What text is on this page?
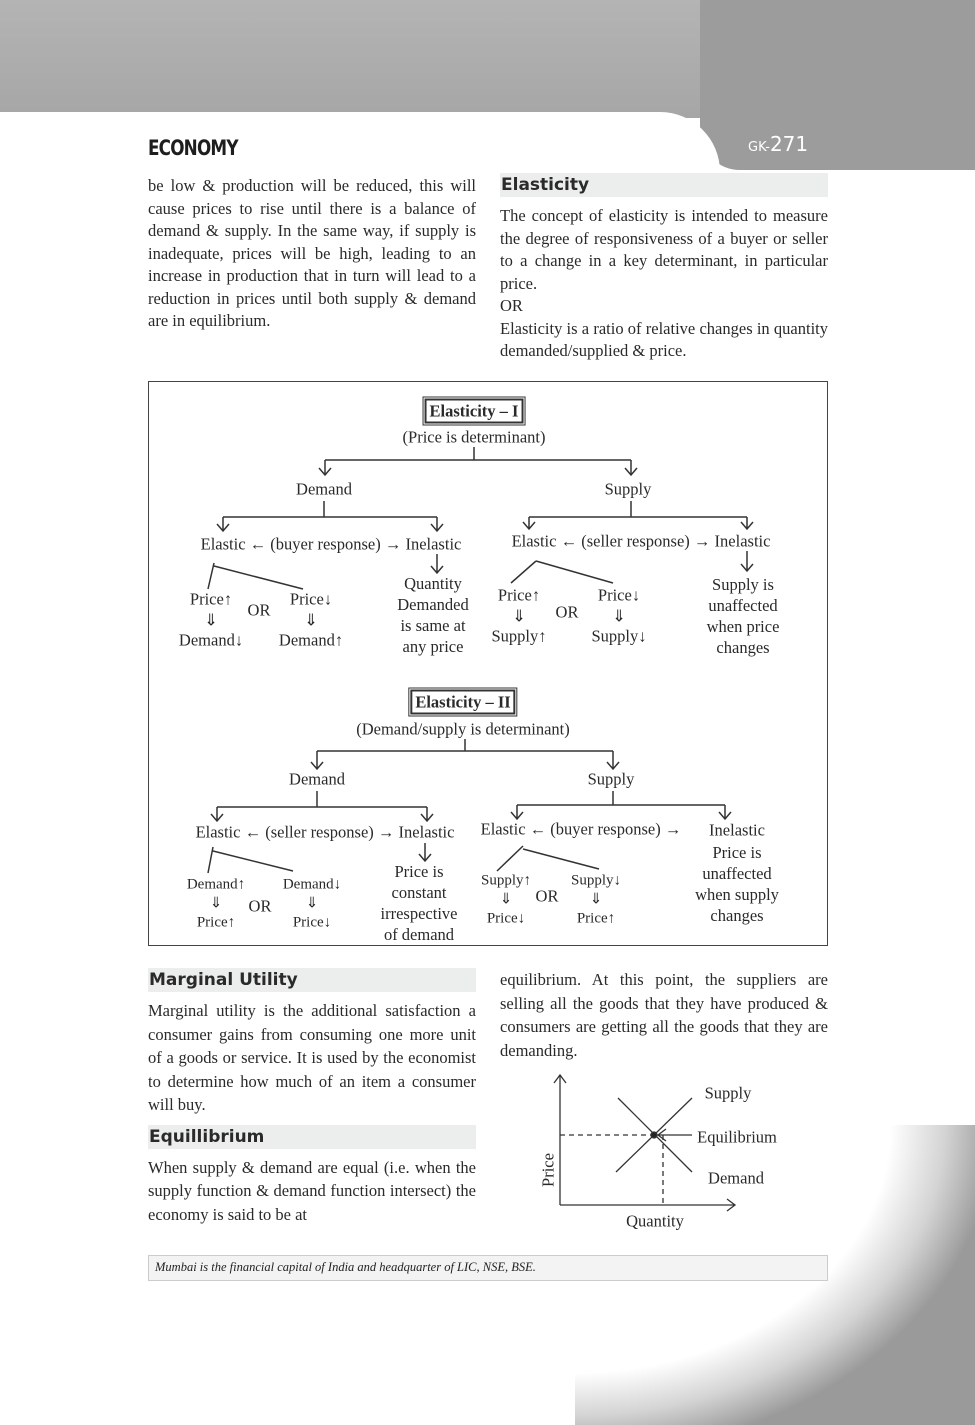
ECONOMY	GK-271
be low & production will be reduced, this will cause prices to rise until there is a balance of demand & supply. In the same way, if supply is inadequate, prices will be high, leading to an increase in production that in turn will lead to a reduction in prices until both supply & demand are in equilibrium.
Elasticity
The concept of elasticity is intended to measure the degree of responsiveness of a buyer or seller to a change in a key determinant, in particular price.
OR
Elasticity is a ratio of relative changes in quantity demanded/supplied & price.
Elasticity – I
(Price is determinant)
Demand	Supply
Elastic ← (buyer response) → Inelastic	Elastic ← (seller response) → Inelastic
Price↑
⇓
Demand↓
OR
Price↓
⇓
Demand↑
Quantity
Demanded
is same at
any price
Price↑
⇓
Supply↑
OR
Price↓
⇓
Supply↓
Supply is
unaffected
when price
changes
Elasticity – II
(Demand/supply is determinant)
Demand	Supply
Elastic ← (seller response) → Inelastic Elastic ← (buyer response) → Inelastic
Demand↑
⇓
Price↑
OR
Demand↓
⇓
Price↓
Price is
constant
irrespective
of demand
Supply↑
⇓
Price↓
OR
Supply↓
⇓
Price↑
Price is
unaffected
when supply
changes
Marginal Utility
Marginal utility is the additional satisfaction a consumer gains from consuming one more unit of a goods or service. It is used by the economist to determine how much of an item a consumer will buy.
Equillibrium
When supply & demand are equal (i.e. when the supply function & demand function intersect) the economy is said to be at
equilibrium. At this point, the suppliers are selling all the goods that they have produced & consumers are getting all the goods that they are demanding.
Supply
Equilibrium
Demand
Price
Quantity
Mumbai is the financial capital of India and headquarter of LIC, NSE, BSE.
